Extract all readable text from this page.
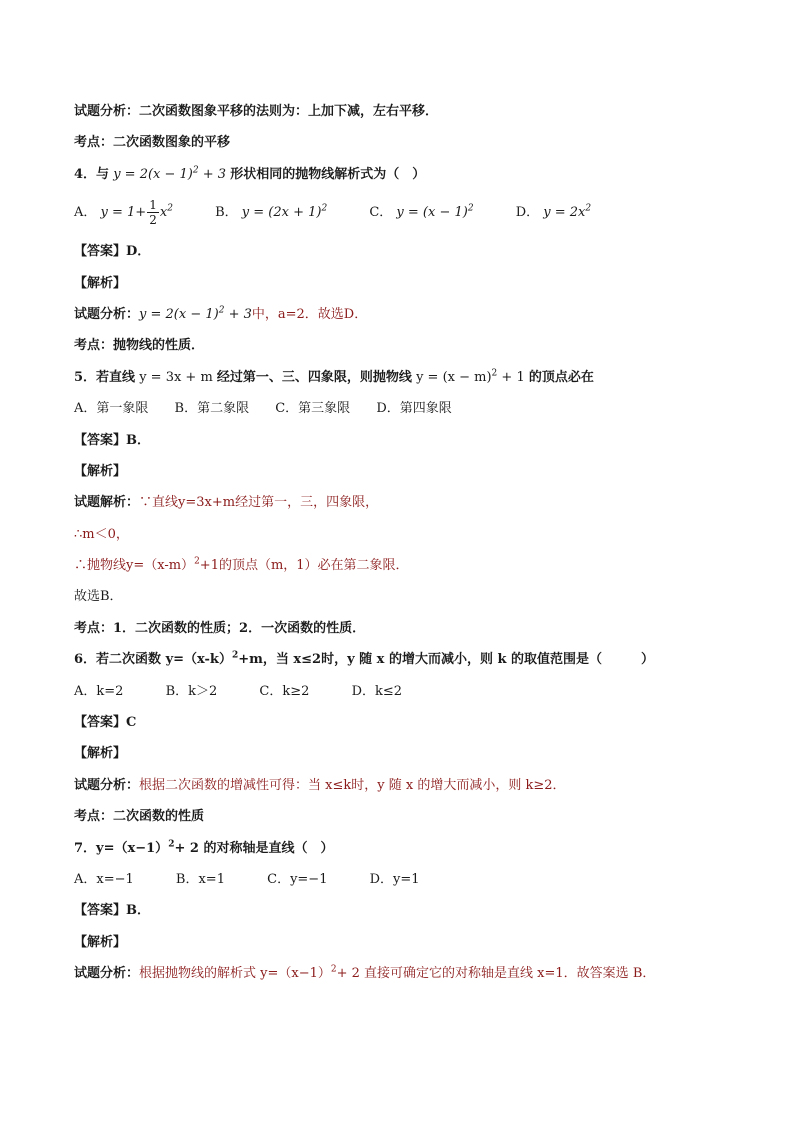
试题分析：二次函数图象平移的法则为：上加下减，左右平移．
考点：二次函数图象的平移
4．与 $y = 2(x - 1)^2 + 3$ 形状相同的抛物线解析式为（　）
A． $y = 1+ \frac{1}{2} x^2$	B． $y = (2x + 1)^2$	C． $y = (x - 1)^2$	D． $y = 2x^2$
【答案】D．
【解析】
试题分析：$y = 2(x - 1)^2 + 3$中，a=2．故选D．
考点：抛物线的性质．
5．若直线 y = 3x + m 经过第一、三、四象限，则抛物线 $y = (x - m)^2 + 1$ 的顶点必在
A．第一象限 B．第二象限 C．第三象限 D．第四象限
【答案】B．
【解析】
试题解析：∵直线y=3x+m经过第一，三，四象限，
∴m＜0，
∴抛物线$y=(x-m)^2+1$的顶点（m，1）必在第二象限．
故选B．
考点：1．二次函数的性质；2．一次函数的性质．
6．若二次函数 $y=(x-k)^2+m$，当 x≤2时，y 随 x 的增大而减小，则 k 的取值范围是（　　　）
A．k=2	B．k＞2	C．k≥2	D．k≤2
【答案】C
【解析】
试题分析：根据二次函数的增减性可得：当 x≤k时，y 随 x 的增大而减小，则 k≥2．
考点：二次函数的性质
7．$y=(x-1)^2+ 2$ 的对称轴是直线（　）
A．x=−1	B．x=1	C．y=−1	D．y=1
【答案】B．
【解析】
试题分析：根据抛物线的解析式 $y=(x-1)^2+ 2$ 直接可确定它的对称轴是直线 x=1．故答案选 B．
